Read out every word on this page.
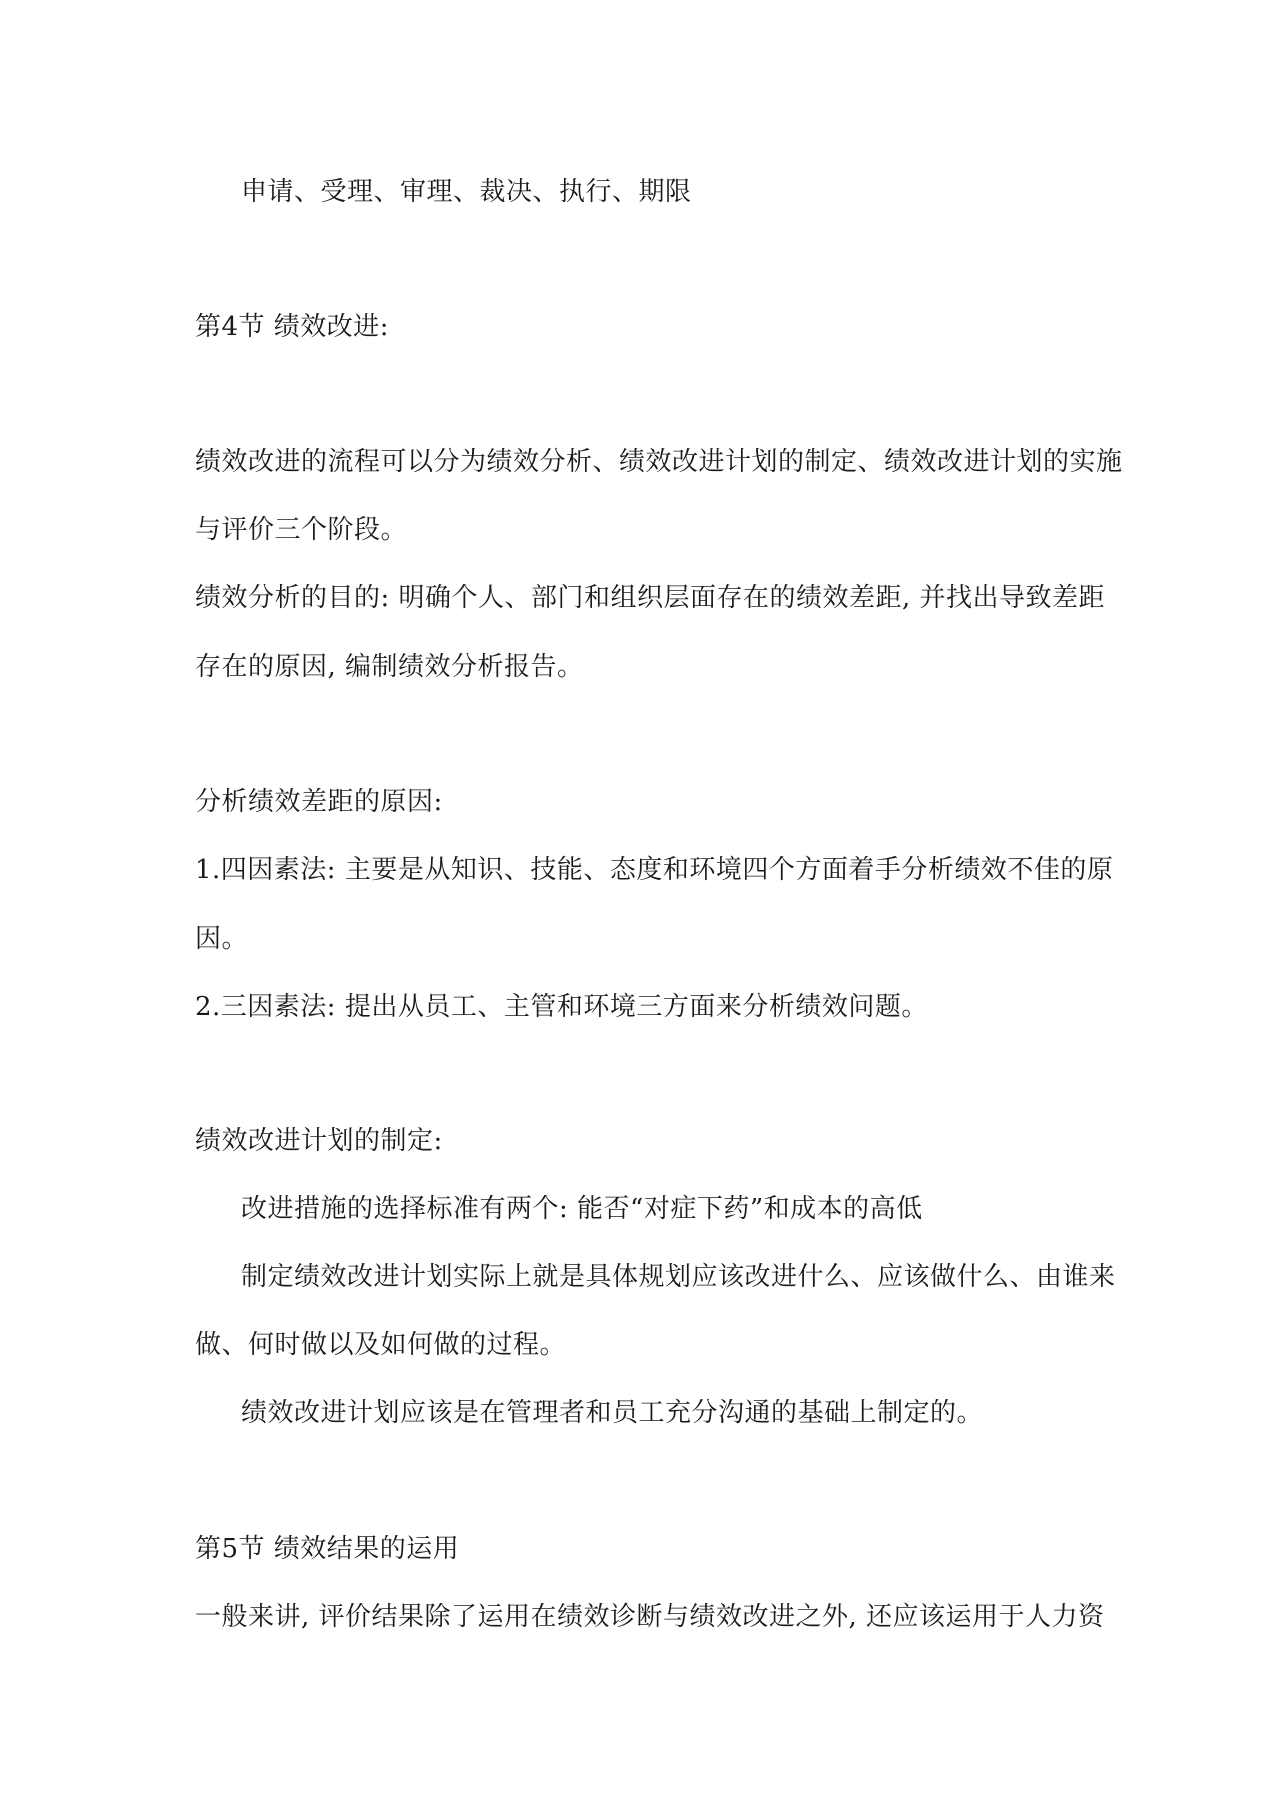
申请、受理、审理、裁决、执行、期限
第4节 绩效改进:
绩效改进的流程可以分为绩效分析、绩效改进计划的制定、绩效改进计划的实施
与评价三个阶段。
绩效分析的目的: 明确个人、部门和组织层面存在的绩效差距, 并找出导致差距
存在的原因, 编制绩效分析报告。
分析绩效差距的原因:
1.四因素法: 主要是从知识、技能、态度和环境四个方面着手分析绩效不佳的原
因。
2.三因素法: 提出从员工、主管和环境三方面来分析绩效问题。
绩效改进计划的制定:
改进措施的选择标准有两个: 能否“对症下药”和成本的高低
制定绩效改进计划实际上就是具体规划应该改进什么、应该做什么、由谁来
做、何时做以及如何做的过程。
绩效改进计划应该是在管理者和员工充分沟通的基础上制定的。
第5节 绩效结果的运用
一般来讲, 评价结果除了运用在绩效诊断与绩效改进之外, 还应该运用于人力资
